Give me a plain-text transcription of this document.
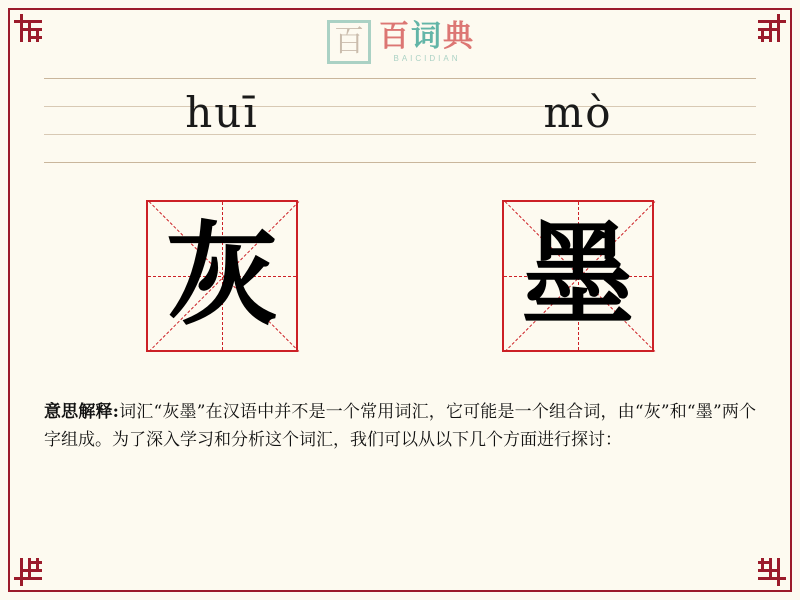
百 百词典
BAICIDIAN
huī	mò
灰 墨
意思解释:词汇“灰墨”在汉语中并不是一个常用词汇，它可能是一个组合词，由“灰”和“墨”两个字组成。为了深入学习和分析这个词汇，我们可以从以下几个方面进行探讨：
